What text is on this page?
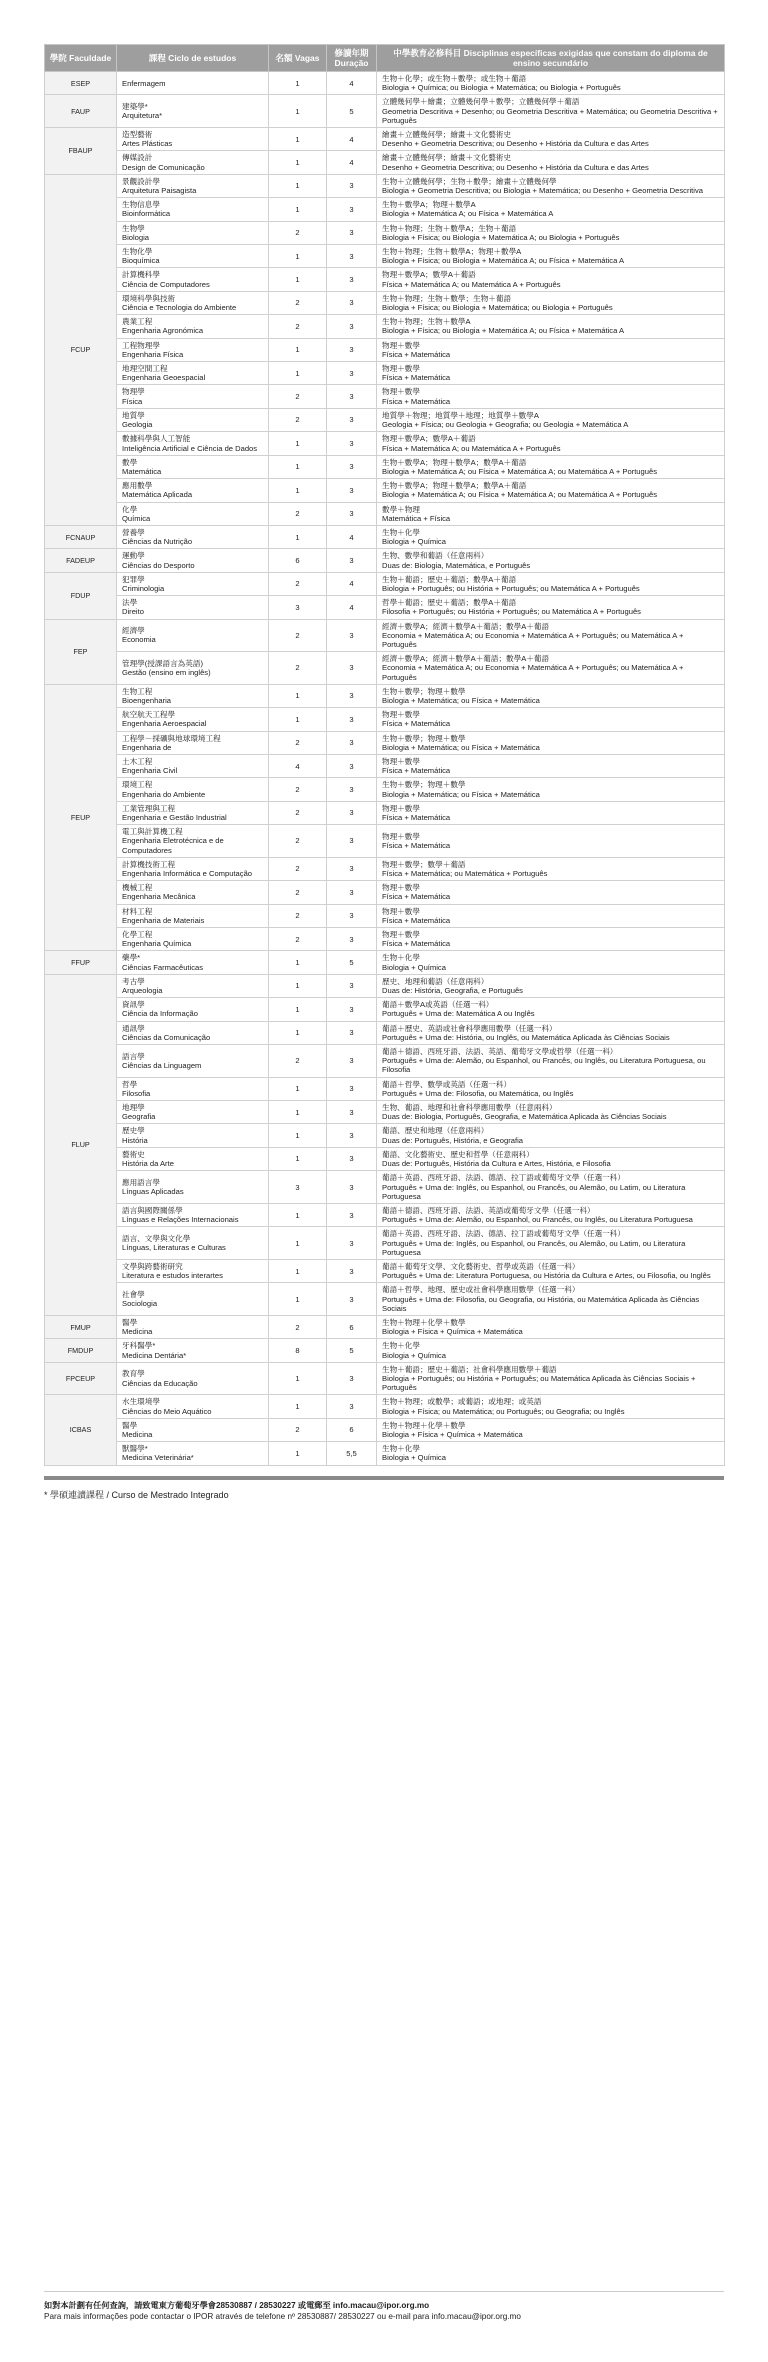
學院 Faculdade	課程 Ciclo de estudos	名額 Vagas	修讀年期 Duração	中學教育必修科目 Disciplinas específicas exigidas que constam do diploma de ensino secundário
ESEP	Enfermagem	1	4	生物＋化學；或生物＋數學；或生物＋葡語
Biologia + Química; ou Biologia + Matemática; ou Biologia + Português

FAUP	建築學*
Arquitetura*	1	5	立體幾何學＋繪畫；立體幾何學＋數學；立體幾何學＋葡語
Geometria Descritiva + Desenho; ou Geometria Descritiva + Matemática; ou Geometria Descritiva + Português

FBAUP	造型藝術
Artes Plásticas	1	4	繪畫＋立體幾何學；繪畫＋文化藝術史
Desenho + Geometria Descritiva; ou Desenho + História da Cultura e das Artes

	傳媒設計
Design de Comunicação	1	4	繪畫＋立體幾何學；繪畫＋文化藝術史
Desenho + Geometria Descritiva; ou Desenho + História da Cultura e das Artes

FCUP	景觀設計學
Arquitetura Paisagista	1	3	生物＋立體幾何學；生物＋數學；繪畫＋立體幾何學
Biologia + Geometria Descritiva; ou Biologia + Matemática; ou Desenho + Geometria Descritiva

	生物信息學
Bioinformática	1	3	生物＋數學A；物理＋數學A
Biologia + Matemática A; ou Física + Matemática A

	生物學
Biologia	2	3	生物＋物理；生物＋數學A；生物＋葡語
Biologia + Física; ou Biologia + Matemática A; ou Biologia + Português

	生物化學
Bioquímica	1	3	生物＋物理；生物＋數學A；物理＋數學A
Biologia + Física; ou Biologia + Matemática A; ou Física + Matemática A

	計算機科學
Ciência de Computadores	1	3	物理＋數學A；數學A＋葡語
Física + Matemática A; ou Matemática A + Português

	環境科學與技術
Ciência e Tecnologia do Ambiente	2	3	生物＋物理；生物＋數學；生物＋葡語
Biologia + Física; ou Biologia + Matemática; ou Biologia + Português

	農業工程
Engenharia Agronómica	2	3	生物＋物理；生物＋數學A
Biologia + Física; ou Biologia + Matemática A; ou Física + Matemática A

	工程物理學
Engenharia Física	1	3	物理＋數學
Física + Matemática

	地理空間工程
Engenharia Geoespacial	1	3	物理＋數學
Física + Matemática

	物理學
Física	2	3	物理＋數學
Física + Matemática

	地質學
Geologia	2	3	地質學＋物理；地質學＋地理；地質學＋數學A
Geologia + Física; ou Geologia + Geografia; ou Geologia + Matemática A

	數據科學與人工智能
Inteligência Artificial e Ciência de Dados	1	3	物理＋數學A；數學A＋葡語
Física + Matemática A; ou Matemática A + Português

	數學
Matemática	1	3	生物＋數學A；物理＋數學A；數學A＋葡語
Biologia + Matemática A; ou Física + Matemática A; ou Matemática A + Português

	應用數學
Matemática Aplicada	1	3	生物＋數學A；物理＋數學A；數學A＋葡語
Biologia + Matemática A; ou Física + Matemática A; ou Matemática A + Português

	化學
Química	2	3	數學＋物理
Matemática + Física

FCNAUP	營養學
Ciências da Nutrição	1	4	生物＋化學
Biologia + Química

FADEUP	運動學
Ciências do Desporto	6	3	生物、數學和葡語（任意兩科）
Duas de: Biologia, Matemática, e Português

FDUP	犯罪學
Criminologia	2	4	生物＋葡語；歷史＋葡語；數學A＋葡語
Biologia + Português; ou História + Português; ou Matemática A + Português

	法學
Direito	3	4	哲學＋葡語；歷史＋葡語；數學A＋葡語
Filosofia + Português; ou História + Português; ou Matemática A + Português

FEP	經濟學
Economia	2	3	經濟＋數學A；經濟＋數學A＋葡語；數學A＋葡語
Economia + Matemática A; ou Economia + Matemática A + Português; ou Matemática A + Português

	管理學(授課語言為英語)
Gestão (ensino em inglês)	2	3	經濟＋數學A；經濟＋數學A＋葡語；數學A＋葡語
Economia + Matemática A; ou Economia + Matemática A + Português; ou Matemática A + Português

FEUP	生物工程
Bioengenharia	1	3	生物＋數學；物理＋數學
Biologia + Matemática; ou Física + Matemática

	航空航天工程學
Engenharia Aeroespacial	1	3	物理＋數學
Física + Matemática

	工程學－採礦與地球環境工程
Engenharia de	2	3	生物＋數學；物理＋數學
Biologia + Matemática; ou Física + Matemática

	土木工程
Engenharia Civil	4	3	物理＋數學
Física + Matemática

	環境工程
Engenharia do Ambiente	2	3	生物＋數學；物理＋數學
Biologia + Matemática; ou Física + Matemática

	工業管理與工程
Engenharia e Gestão Industrial	2	3	物理＋數學
Física + Matemática

	電工與計算機工程
Engenharia Eletrotécnica e de Computadores	2	3	物理＋數學
Física + Matemática

	計算機技術工程
Engenharia Informática e Computação	2	3	物理＋數學；數學＋葡語
Física + Matemática; ou Matemática + Português

	機械工程
Engenharia Mecânica	2	3	物理＋數學
Física + Matemática

	材料工程
Engenharia de Materiais	2	3	物理＋數學
Física + Matemática

	化學工程
Engenharia Química	2	3	物理＋數學
Física + Matemática

FFUP	藥學*
Ciências Farmacêuticas	1	5	生物＋化學
Biologia + Química

FLUP	考古學
Arqueologia	1	3	歷史、地理和葡語（任意兩科）
Duas de: História, Geografia, e Português

	資訊學
Ciência da Informação	1	3	葡語＋數學A或英語（任選一科）
Português + Uma de: Matemática A ou Inglês

	通訊學
Ciências da Comunicação	1	3	葡語＋歷史、英語或社會科學應用數學（任選一科）
Português + Uma de: História, ou Inglês, ou Matemática Aplicada às Ciências Sociais

	語言學
Ciências da Linguagem	2	3	葡語＋德語、西班牙語、法語、英語、葡萄牙文學或哲學（任選一科）
Português + Uma de: Alemão, ou Espanhol, ou Francês, ou Inglês, ou Literatura Portuguesa, ou Filosofia

	哲學
Filosofia	1	3	葡語＋哲學、數學或英語（任選一科）
Português + Uma de: Filosofia, ou Matemática, ou Inglês

	地理學
Geografia	1	3	生物、葡語、地理和社會科學應用數學（任意兩科）
Duas de: Biologia, Português, Geografia, e Matemática Aplicada às Ciências Sociais

	歷史學
História	1	3	葡語、歷史和地理（任意兩科）
Duas de: Português, História, e Geografia

	藝術史
História da Arte	1	3	葡語、文化藝術史、歷史和哲學（任意兩科）
Duas de: Português, História da Cultura e Artes, História, e Filosofia

	應用語言學
Línguas Aplicadas	3	3	葡語＋英語、西班牙語、法語、德語、拉丁語或葡萄牙文學（任選一科）
Português + Uma de: Inglês, ou Espanhol, ou Francês, ou Alemão, ou Latim, ou Literatura Portuguesa

	語言與國際關係學
Línguas e Relações Internacionais	1	3	葡語＋德語、西班牙語、法語、英語或葡萄牙文學（任選一科）
Português + Uma de: Alemão, ou Espanhol, ou Francês, ou Inglês, ou Literatura Portuguesa

	語言、文學與文化學
Línguas, Literaturas e Culturas	1	3	葡語＋英語、西班牙語、法語、德語、拉丁語或葡萄牙文學（任選一科）
Português + Uma de: Inglês, ou Espanhol, ou Francês, ou Alemão, ou Latim, ou Literatura Portuguesa

	文學與跨藝術研究
Literatura e estudos interartes	1	3	葡語＋葡萄牙文學、文化藝術史、哲學或英語（任選一科）
Português + Uma de: Literatura Portuguesa, ou História da Cultura e Artes, ou Filosofia, ou Inglês

	社會學
Sociologia	1	3	葡語＋哲學、地理、歷史或社會科學應用數學（任選一科）
Português + Uma de: Filosofia, ou Geografia, ou História, ou Matemática Aplicada às Ciências Sociais

FMUP	醫學
Medicina	2	6	生物＋物理＋化學＋數學
Biologia + Física + Química + Matemática

FMDUP	牙科醫學*
Medicina Dentária*	8	5	生物＋化學
Biologia + Química

FPCEUP	教育學
Ciências da Educação	1	3	生物＋葡語；歷史＋葡語；社會科學應用數學＋葡語
Biologia + Português; ou História + Português; ou Matemática Aplicada às Ciências Sociais + Português

ICBAS	水生環境學
Ciências do Meio Aquático	1	3	生物＋物理；或數學；或葡語；或地理；或英語
Biologia + Física; ou Matemática; ou Português; ou Geografia; ou Inglês

	醫學
Medicina	2	6	生物＋物理＋化學＋數學
Biologia + Física + Química + Matemática

	獸醫學*
Medicina Veterinária*	1	5,5	生物＋化學
Biologia + Química
* 學碩連讀課程 / Curso de Mestrado Integrado
如對本計劃有任何查詢，請致電東方葡萄牙學會28530887 / 28530227 或電郵至 info.macau@ipor.org.mo
Para mais informações pode contactar o IPOR através de telefone nº 28530887/ 28530227 ou e-mail para info.macau@ipor.org.mo
